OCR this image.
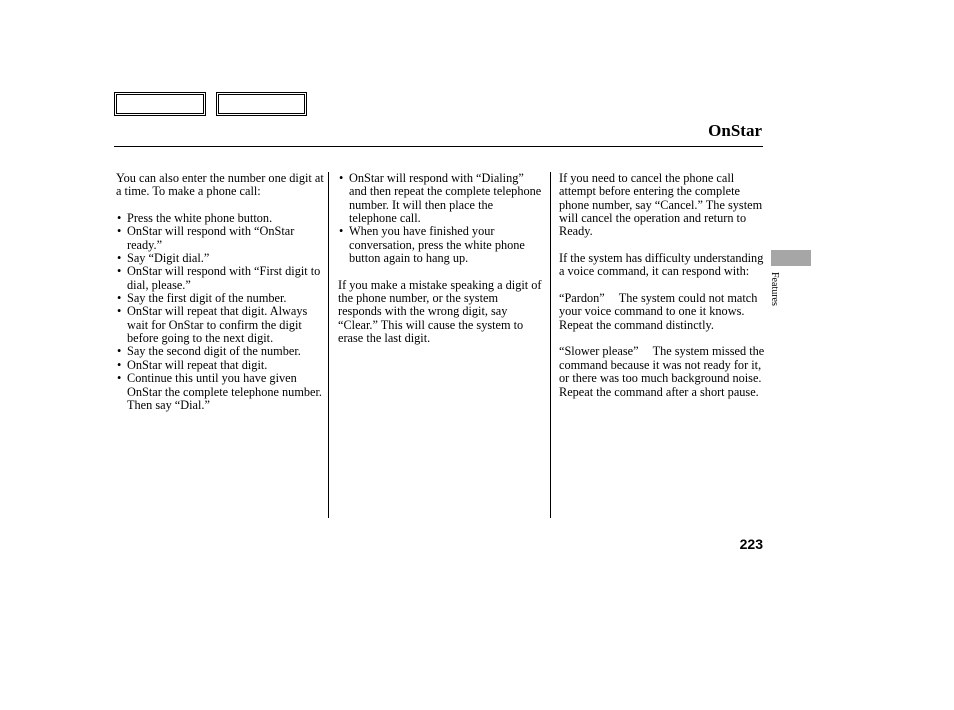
OnStar

You can also enter the number one digit at a time. To make a phone call:

• Press the white phone button.
• OnStar will respond with “OnStar ready.”
• Say “Digit dial.”
• OnStar will respond with “First digit to dial, please.”
• Say the first digit of the number.
• OnStar will repeat that digit. Always wait for OnStar to confirm the digit before going to the next digit.
• Say the second digit of the number.
• OnStar will repeat that digit.
• Continue this until you have given OnStar the complete telephone number. Then say “Dial.”
• OnStar will respond with “Dialing” and then repeat the complete telephone number. It will then place the telephone call.
• When you have finished your conversation, press the white phone button again to hang up.

If you make a mistake speaking a digit of the phone number, or the system responds with the wrong digit, say “Clear.” This will cause the system to erase the last digit.

If you need to cancel the phone call attempt before entering the complete phone number, say “Cancel.” The system will cancel the operation and return to Ready.

If the system has difficulty understanding a voice command, it can respond with:

“Pardon” The system could not match your voice command to one it knows. Repeat the command distinctly.

“Slower please” The system missed the command because it was not ready for it, or there was too much background noise. Repeat the command after a short pause.

Features
223
